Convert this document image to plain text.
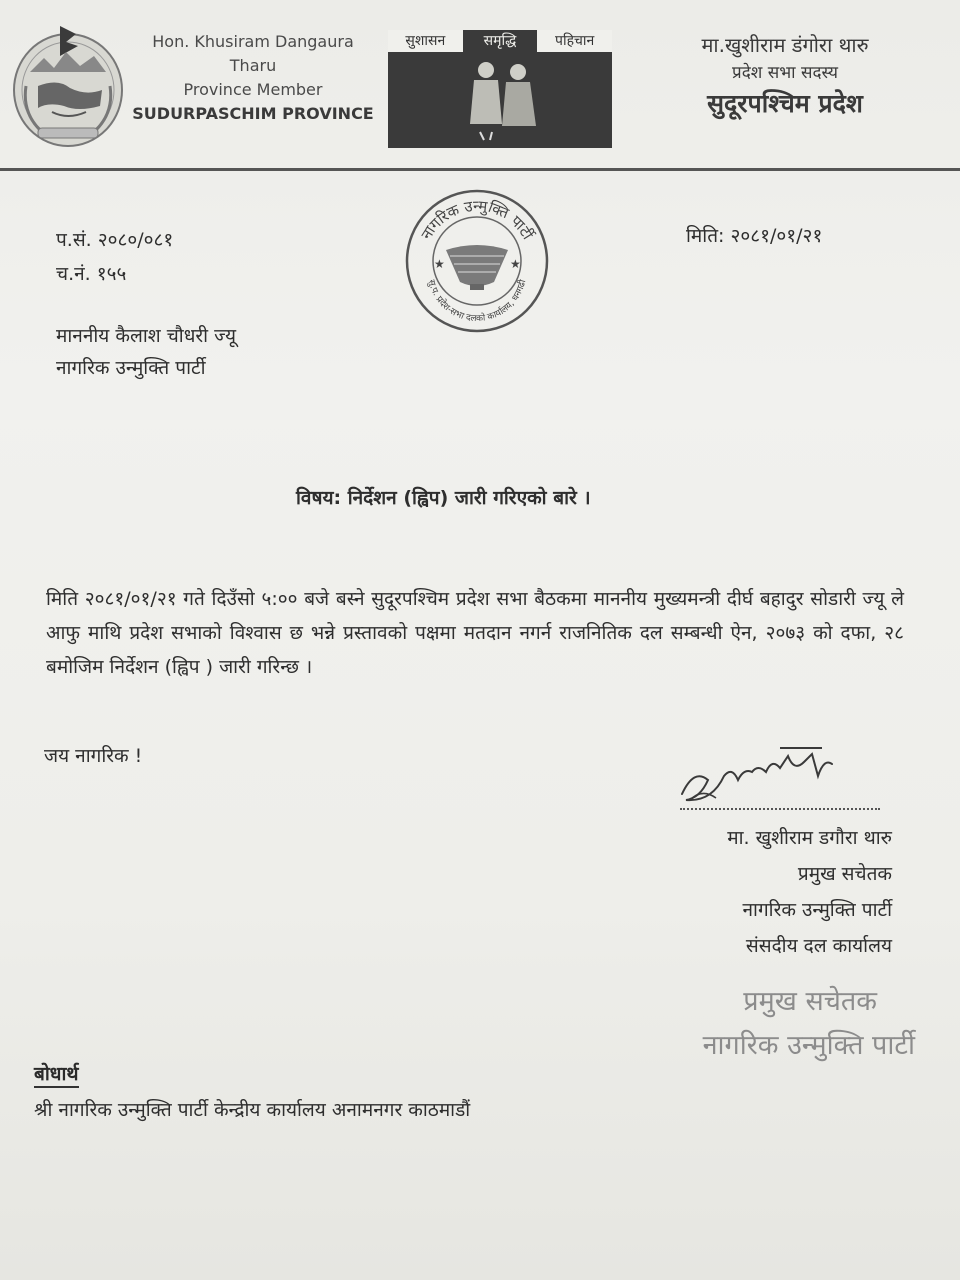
Hon. Khusiram Dangaura Tharu
Province Member
SUDURPASCHIM PROVINCE
सुशासन	समृद्धि	पहिचान	मा.खुशीराम डंगोरा थारु
प्रदेश सभा सदस्य
सुदूरपश्चिम प्रदेश
नागरिक उन्मुक्ति पार्टी
सु.प. प्रदेश-सभा दलको कार्यालय, धनगढी
★	★
प.सं. २०८०/०८१
च.नं. १५५
मिति: २०८१/०१/२१
माननीय कैलाश चौधरी ज्यू
नागरिक उन्मुक्ति पार्टी
विषय: निर्देशन (ह्विप) जारी गरिएको बारे ।
मिति २०८१/०१/२१ गते दिउँसो ५:०० बजे बस्ने सुदूरपश्चिम प्रदेश सभा बैठकमा माननीय मुख्यमन्त्री दीर्घ बहादुर सोडारी ज्यू ले आफु माथि प्रदेश सभाको विश्वास छ भन्ने प्रस्तावको पक्षमा मतदान नगर्न राजनितिक दल सम्बन्धी ऐन, २०७३ को दफा, २८ बमोजिम निर्देशन (ह्विप ) जारी गरिन्छ ।
जय नागरिक !
मा. खुशीराम डगौरा थारु
प्रमुख सचेतक
नागरिक उन्मुक्ति पार्टी
संसदीय दल कार्यालय
प्रमुख सचेतक
नागरिक उन्मुक्ति पार्टी
बोधार्थ
श्री नागरिक उन्मुक्ति पार्टी केन्द्रीय कार्यालय अनामनगर काठमाडौं
